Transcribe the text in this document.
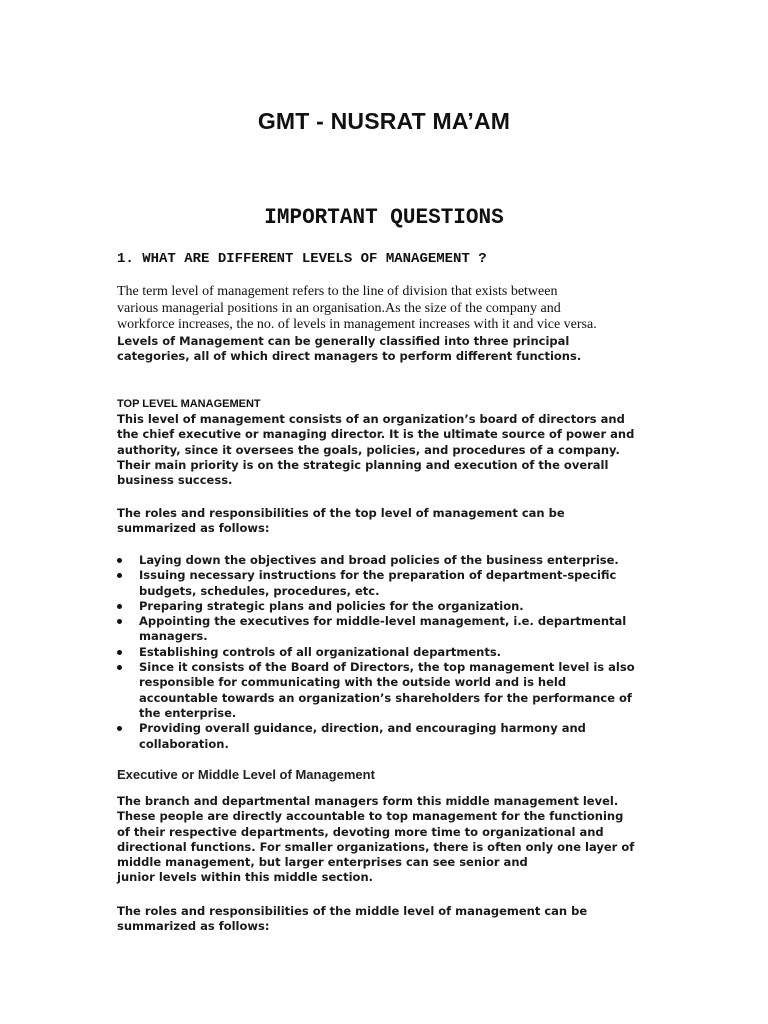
GMT - NUSRAT MA’AM
IMPORTANT QUESTIONS
1. WHAT ARE DIFFERENT LEVELS OF MANAGEMENT ?

The term level of management refers to the line of division that exists between
various managerial positions in an organisation.As the size of the company and
workforce increases, the no. of levels in management increases with it and vice versa.

Levels of Management can be generally classified into three principal
categories, all of which direct managers to perform different functions.

TOP LEVEL MANAGEMENT

This level of management consists of an organization’s board of directors and
the chief executive or managing director. It is the ultimate source of power and
authority, since it oversees the goals, policies, and procedures of a company.
Their main priority is on the strategic planning and execution of the overall
business success.

The roles and responsibilities of the top level of management can be
summarized as follows:

Laying down the objectives and broad policies of the business enterprise.
Issuing necessary instructions for the preparation of department-specific
budgets, schedules, procedures, etc.
Preparing strategic plans and policies for the organization.
Appointing the executives for middle-level management, i.e. departmental
managers.
Establishing controls of all organizational departments.
Since it consists of the Board of Directors, the top management level is also
responsible for communicating with the outside world and is held
accountable towards an organization’s shareholders for the performance of
the enterprise.
Providing overall guidance, direction, and encouraging harmony and
collaboration.
Executive or Middle Level of Management

The branch and departmental managers form this middle management level.
These people are directly accountable to top management for the functioning
of their respective departments, devoting more time to organizational and
directional functions. For smaller organizations, there is often only one layer of
middle management, but larger enterprises can see senior and
junior levels within this middle section.

The roles and responsibilities of the middle level of management can be
summarized as follows:
